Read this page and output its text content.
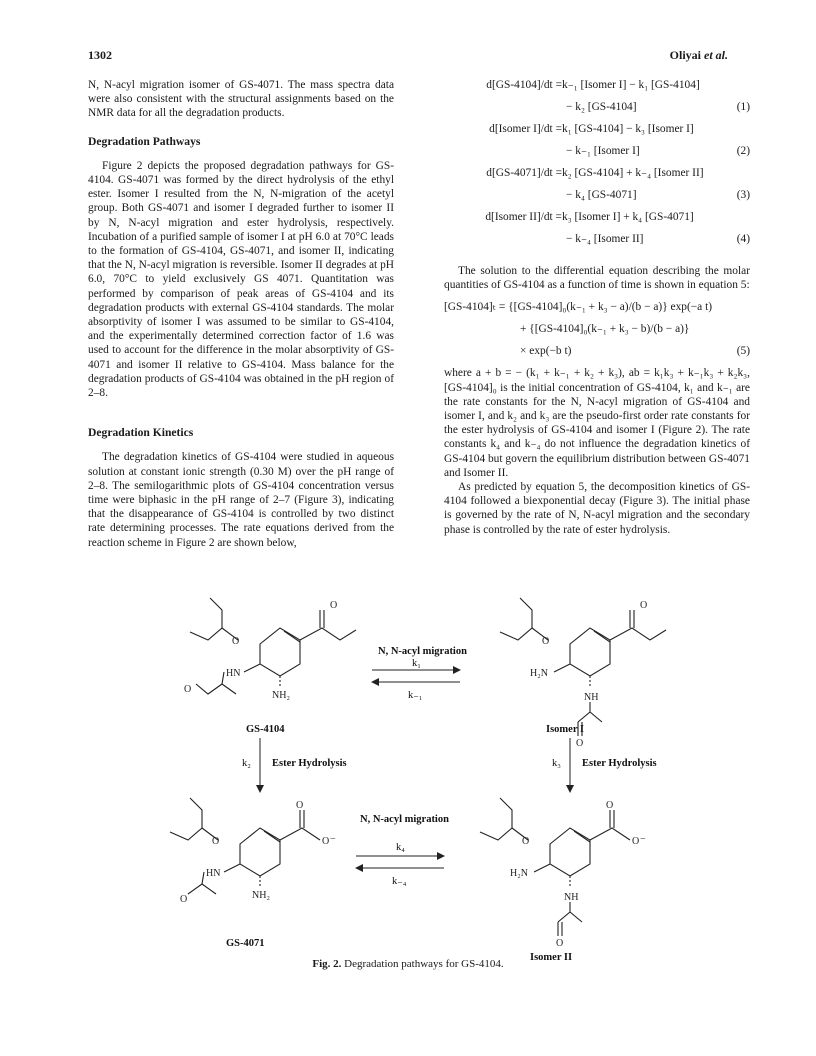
1302	Oliyai et al.

N, N-acyl migration isomer of GS-4071. The mass spectra data were also consistent with the structural assignments based on the NMR data for all the degradation products.

Degradation Pathways

Figure 2 depicts the proposed degradation pathways for GS-4104. GS-4071 was formed by the direct hydrolysis of the ethyl ester. Isomer I resulted from the N, N-migration of the acetyl group. Both GS-4071 and isomer I degraded further to isomer II by N, N-acyl migration and ester hydrolysis, respectively. Incubation of a purified sample of isomer I at pH 6.0 at 70°C leads to the formation of GS-4104, GS-4071, and isomer II, indicating that the N, N-acyl migration is reversible. Isomer II degrades at pH 6.0, 70°C to yield exclusively GS 4071. Quantitation was performed by comparison of peak areas of GS-4104 and its degradation products with external GS-4104 standards. The molar absorptivity of isomer I was assumed to be similar to GS-4104, and the experimentally determined correction factor of 1.6 was used to account for the difference in the molar absorptivity of GS-4071 and isomer II relative to GS-4104. Mass balance for the degradation products of GS-4104 was obtained in the pH region of 2–8.

Degradation Kinetics

The degradation kinetics of GS-4104 were studied in aqueous solution at constant ionic strength (0.30 M) over the pH range of 2–8. The semilogarithmic plots of GS-4104 concentration versus time were biphasic in the pH range of 2–7 (Figure 3), indicating that the disappearance of GS-4104 is controlled by two distinct rate determining processes. The rate equations derived from the reaction scheme in Figure 2 are shown below,

d[GS-4104]/dt = k₋₁ [Isomer I] − k₁ [GS-4104]
− k₂ [GS-4104]	(1)
d[Isomer I]/dt = k₁ [GS-4104] − k₃ [Isomer I]
− k₋₁ [Isomer I]	(2)
d[GS-4071]/dt = k₂ [GS-4104] + k₋₄ [Isomer II]
− k₄ [GS-4071]	(3)
d[Isomer II]/dt = k₃ [Isomer I] + k₄ [GS-4071]
− k₋₄ [Isomer II]	(4)

The solution to the differential equation describing the molar quantities of GS-4104 as a function of time is shown in equation 5:

[GS-4104]ₜ = {[GS-4104]₀(k₋₁ + k₃ − a)/(b − a)} exp(−a t)
+ {[GS-4104]₀(k₋₁ + k₃ − b)/(b − a)}
× exp(−b t)	(5)

where a + b = − (k₁ + k₋₁ + k₂ + k₃), ab = k₁k₃ + k₋₁k₃ + k₂k₃, [GS-4104]₀ is the initial concentration of GS-4104, k₁ and k₋₁ are the rate constants for the N, N-acyl migration of GS-4104 and isomer I, and k₂ and k₃ are the pseudo-first order rate constants for the ester hydrolysis of GS-4104 and isomer I (Figure 2). The rate constants k₄ and k₋₄ do not influence the degradation kinetics of GS-4104 but govern the equilibrium distribution between GS-4071 and Isomer II.

As predicted by equation 5, the decomposition kinetics of GS-4104 followed a biexponential decay (Figure 3). The initial phase is governed by the rate of N, N-acyl migration and the secondary phase is controlled by the rate of ester hydrolysis.

O
O
HN
O
NH₂
O
O
H₂N
NH
O
O
O
O −
HN
O	NH₂
O
O
O −
H₂N
NH
O
N, N-acyl migration
k₁
k₋₁
k₂ Ester Hydrolysis	k₃ Ester Hydrolysis
N, N-acyl migration
k₄
k₋₄
GS-4104	Isomer I
GS-4071
Isomer II
Fig. 2. Degradation pathways for GS-4104.
